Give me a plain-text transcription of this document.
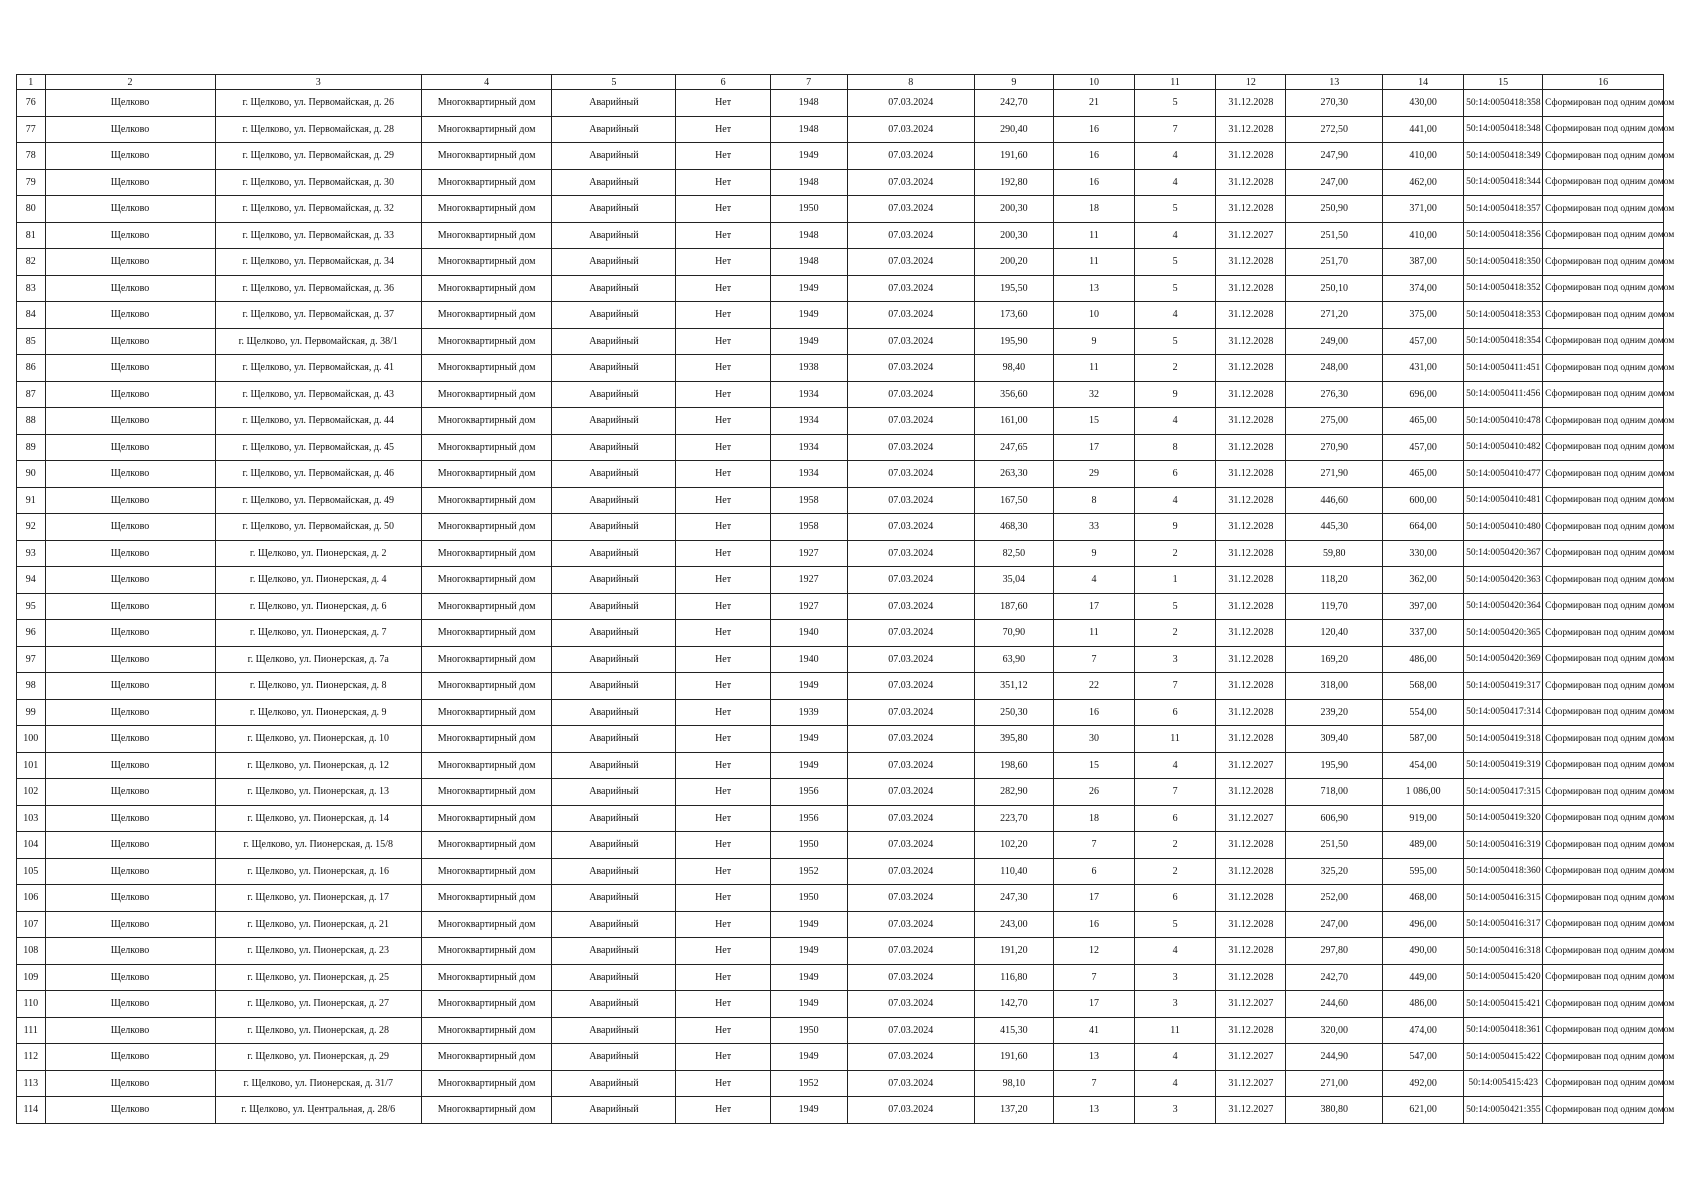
1	2	3	4	5	6	7	8	9	10	11	12	13	14	15	16

76	Щелково	г. Щелково, ул. Первомайская, д. 26	Многоквартирный дом	Аварийный	Нет	1948	07.03.2024	242,70	21	5	31.12.2028	270,30	430,00	50:14:0050418:358	Сформирован под одним домом

77	Щелково	г. Щелково, ул. Первомайская, д. 28	Многоквартирный дом	Аварийный	Нет	1948	07.03.2024	290,40	16	7	31.12.2028	272,50	441,00	50:14:0050418:348	Сформирован под одним домом

78	Щелково	г. Щелково, ул. Первомайская, д. 29	Многоквартирный дом	Аварийный	Нет	1949	07.03.2024	191,60	16	4	31.12.2028	247,90	410,00	50:14:0050418:349	Сформирован под одним домом

79	Щелково	г. Щелково, ул. Первомайская, д. 30	Многоквартирный дом	Аварийный	Нет	1948	07.03.2024	192,80	16	4	31.12.2028	247,00	462,00	50:14:0050418:344	Сформирован под одним домом

80	Щелково	г. Щелково, ул. Первомайская, д. 32	Многоквартирный дом	Аварийный	Нет	1950	07.03.2024	200,30	18	5	31.12.2028	250,90	371,00	50:14:0050418:357	Сформирован под одним домом

81	Щелково	г. Щелково, ул. Первомайская, д. 33	Многоквартирный дом	Аварийный	Нет	1948	07.03.2024	200,30	11	4	31.12.2027	251,50	410,00	50:14:0050418:356	Сформирован под одним домом

82	Щелково	г. Щелково, ул. Первомайская, д. 34	Многоквартирный дом	Аварийный	Нет	1948	07.03.2024	200,20	11	5	31.12.2028	251,70	387,00	50:14:0050418:350	Сформирован под одним домом

83	Щелково	г. Щелково, ул. Первомайская, д. 36	Многоквартирный дом	Аварийный	Нет	1949	07.03.2024	195,50	13	5	31.12.2028	250,10	374,00	50:14:0050418:352	Сформирован под одним домом

84	Щелково	г. Щелково, ул. Первомайская, д. 37	Многоквартирный дом	Аварийный	Нет	1949	07.03.2024	173,60	10	4	31.12.2028	271,20	375,00	50:14:0050418:353	Сформирован под одним домом

85	Щелково	г. Щелково, ул. Первомайская, д. 38/1	Многоквартирный дом	Аварийный	Нет	1949	07.03.2024	195,90	9	5	31.12.2028	249,00	457,00	50:14:0050418:354	Сформирован под одним домом

86	Щелково	г. Щелково, ул. Первомайская, д. 41	Многоквартирный дом	Аварийный	Нет	1938	07.03.2024	98,40	11	2	31.12.2028	248,00	431,00	50:14:0050411:451	Сформирован под одним домом

87	Щелково	г. Щелково, ул. Первомайская, д. 43	Многоквартирный дом	Аварийный	Нет	1934	07.03.2024	356,60	32	9	31.12.2028	276,30	696,00	50:14:0050411:456	Сформирован под одним домом

88	Щелково	г. Щелково, ул. Первомайская, д. 44	Многоквартирный дом	Аварийный	Нет	1934	07.03.2024	161,00	15	4	31.12.2028	275,00	465,00	50:14:0050410:478	Сформирован под одним домом

89	Щелково	г. Щелково, ул. Первомайская, д. 45	Многоквартирный дом	Аварийный	Нет	1934	07.03.2024	247,65	17	8	31.12.2028	270,90	457,00	50:14:0050410:482	Сформирован под одним домом

90	Щелково	г. Щелково, ул. Первомайская, д. 46	Многоквартирный дом	Аварийный	Нет	1934	07.03.2024	263,30	29	6	31.12.2028	271,90	465,00	50:14:0050410:477	Сформирован под одним домом

91	Щелково	г. Щелково, ул. Первомайская, д. 49	Многоквартирный дом	Аварийный	Нет	1958	07.03.2024	167,50	8	4	31.12.2028	446,60	600,00	50:14:0050410:481	Сформирован под одним домом

92	Щелково	г. Щелково, ул. Первомайская, д. 50	Многоквартирный дом	Аварийный	Нет	1958	07.03.2024	468,30	33	9	31.12.2028	445,30	664,00	50:14:0050410:480	Сформирован под одним домом

93	Щелково	г. Щелково, ул. Пионерская, д. 2	Многоквартирный дом	Аварийный	Нет	1927	07.03.2024	82,50	9	2	31.12.2028	59,80	330,00	50:14:0050420:367	Сформирован под одним домом

94	Щелково	г. Щелково, ул. Пионерская, д. 4	Многоквартирный дом	Аварийный	Нет	1927	07.03.2024	35,04	4	1	31.12.2028	118,20	362,00	50:14:0050420:363	Сформирован под одним домом

95	Щелково	г. Щелково, ул. Пионерская, д. 6	Многоквартирный дом	Аварийный	Нет	1927	07.03.2024	187,60	17	5	31.12.2028	119,70	397,00	50:14:0050420:364	Сформирован под одним домом

96	Щелково	г. Щелково, ул. Пионерская, д. 7	Многоквартирный дом	Аварийный	Нет	1940	07.03.2024	70,90	11	2	31.12.2028	120,40	337,00	50:14:0050420:365	Сформирован под одним домом

97	Щелково	г. Щелково, ул. Пионерская, д. 7а	Многоквартирный дом	Аварийный	Нет	1940	07.03.2024	63,90	7	3	31.12.2028	169,20	486,00	50:14:0050420:369	Сформирован под одним домом

98	Щелково	г. Щелково, ул. Пионерская, д. 8	Многоквартирный дом	Аварийный	Нет	1949	07.03.2024	351,12	22	7	31.12.2028	318,00	568,00	50:14:0050419:317	Сформирован под одним домом

99	Щелково	г. Щелково, ул. Пионерская, д. 9	Многоквартирный дом	Аварийный	Нет	1939	07.03.2024	250,30	16	6	31.12.2028	239,20	554,00	50:14:0050417:314	Сформирован под одним домом

100	Щелково	г. Щелково, ул. Пионерская, д. 10	Многоквартирный дом	Аварийный	Нет	1949	07.03.2024	395,80	30	11	31.12.2028	309,40	587,00	50:14:0050419:318	Сформирован под одним домом

101	Щелково	г. Щелково, ул. Пионерская, д. 12	Многоквартирный дом	Аварийный	Нет	1949	07.03.2024	198,60	15	4	31.12.2027	195,90	454,00	50:14:0050419:319	Сформирован под одним домом

102	Щелково	г. Щелково, ул. Пионерская, д. 13	Многоквартирный дом	Аварийный	Нет	1956	07.03.2024	282,90	26	7	31.12.2028	718,00	1 086,00	50:14:0050417:315	Сформирован под одним домом

103	Щелково	г. Щелково, ул. Пионерская, д. 14	Многоквартирный дом	Аварийный	Нет	1956	07.03.2024	223,70	18	6	31.12.2027	606,90	919,00	50:14:0050419:320	Сформирован под одним домом

104	Щелково	г. Щелково, ул. Пионерская, д. 15/8	Многоквартирный дом	Аварийный	Нет	1950	07.03.2024	102,20	7	2	31.12.2028	251,50	489,00	50:14:0050416:319	Сформирован под одним домом

105	Щелково	г. Щелково, ул. Пионерская, д. 16	Многоквартирный дом	Аварийный	Нет	1952	07.03.2024	110,40	6	2	31.12.2028	325,20	595,00	50:14:0050418:360	Сформирован под одним домом

106	Щелково	г. Щелково, ул. Пионерская, д. 17	Многоквартирный дом	Аварийный	Нет	1950	07.03.2024	247,30	17	6	31.12.2028	252,00	468,00	50:14:0050416:315	Сформирован под одним домом

107	Щелково	г. Щелково, ул. Пионерская, д. 21	Многоквартирный дом	Аварийный	Нет	1949	07.03.2024	243,00	16	5	31.12.2028	247,00	496,00	50:14:0050416:317	Сформирован под одним домом

108	Щелково	г. Щелково, ул. Пионерская, д. 23	Многоквартирный дом	Аварийный	Нет	1949	07.03.2024	191,20	12	4	31.12.2028	297,80	490,00	50:14:0050416:318	Сформирован под одним домом

109	Щелково	г. Щелково, ул. Пионерская, д. 25	Многоквартирный дом	Аварийный	Нет	1949	07.03.2024	116,80	7	3	31.12.2028	242,70	449,00	50:14:0050415:420	Сформирован под одним домом

110	Щелково	г. Щелково, ул. Пионерская, д. 27	Многоквартирный дом	Аварийный	Нет	1949	07.03.2024	142,70	17	3	31.12.2027	244,60	486,00	50:14:0050415:421	Сформирован под одним домом

111	Щелково	г. Щелково, ул. Пионерская, д. 28	Многоквартирный дом	Аварийный	Нет	1950	07.03.2024	415,30	41	11	31.12.2028	320,00	474,00	50:14:0050418:361	Сформирован под одним домом

112	Щелково	г. Щелково, ул. Пионерская, д. 29	Многоквартирный дом	Аварийный	Нет	1949	07.03.2024	191,60	13	4	31.12.2027	244,90	547,00	50:14:0050415:422	Сформирован под одним домом

113	Щелково	г. Щелково, ул. Пионерская, д. 31/7	Многоквартирный дом	Аварийный	Нет	1952	07.03.2024	98,10	7	4	31.12.2027	271,00	492,00	50:14:005415:423	Сформирован под одним домом

114	Щелково	г. Щелково, ул. Центральная, д. 28/6	Многоквартирный дом	Аварийный	Нет	1949	07.03.2024	137,20	13	3	31.12.2027	380,80	621,00	50:14:0050421:355	Сформирован под одним домом
